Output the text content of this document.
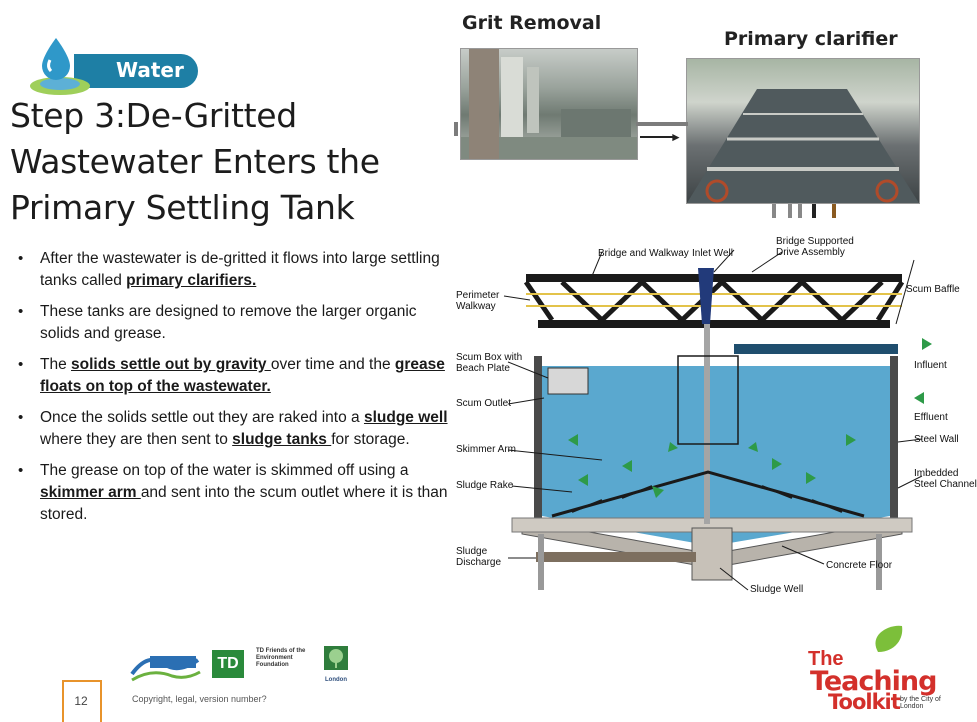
Water
Step 3:De-Gritted Wastewater Enters the Primary Settling Tank
• After the wastewater is de-gritted it flows into large settling tanks called primary clarifiers.
• These tanks are designed to remove the larger organic solids and grease.
• The solids settle out by gravity over time and the grease floats on top of the wastewater.
• Once the solids settle out they are raked into a sludge well where they are then sent to sludge tanks for storage.
• The grease on top of the water is skimmed off using a skimmer arm and sent into the scum outlet where it is than stored.
Grit Removal
Primary clarifier
►
Bridge and Walkway Inlet Well
Bridge Supported
Drive Assembly
Perimeter
Walkway
Scum Baffle
Scum Box with
Beach Plate	Influent
Scum Outlet
Effluent
Skimmer Arm
Steel Wall
Sludge Rake
Imbedded
Steel Channel
Sludge
Discharge	Concrete Floor
Sludge Well
TD
TD Friends of the Environment Foundation
London
Copyright, legal, version number?
12
The
Teaching
Toolkit by the City of London
